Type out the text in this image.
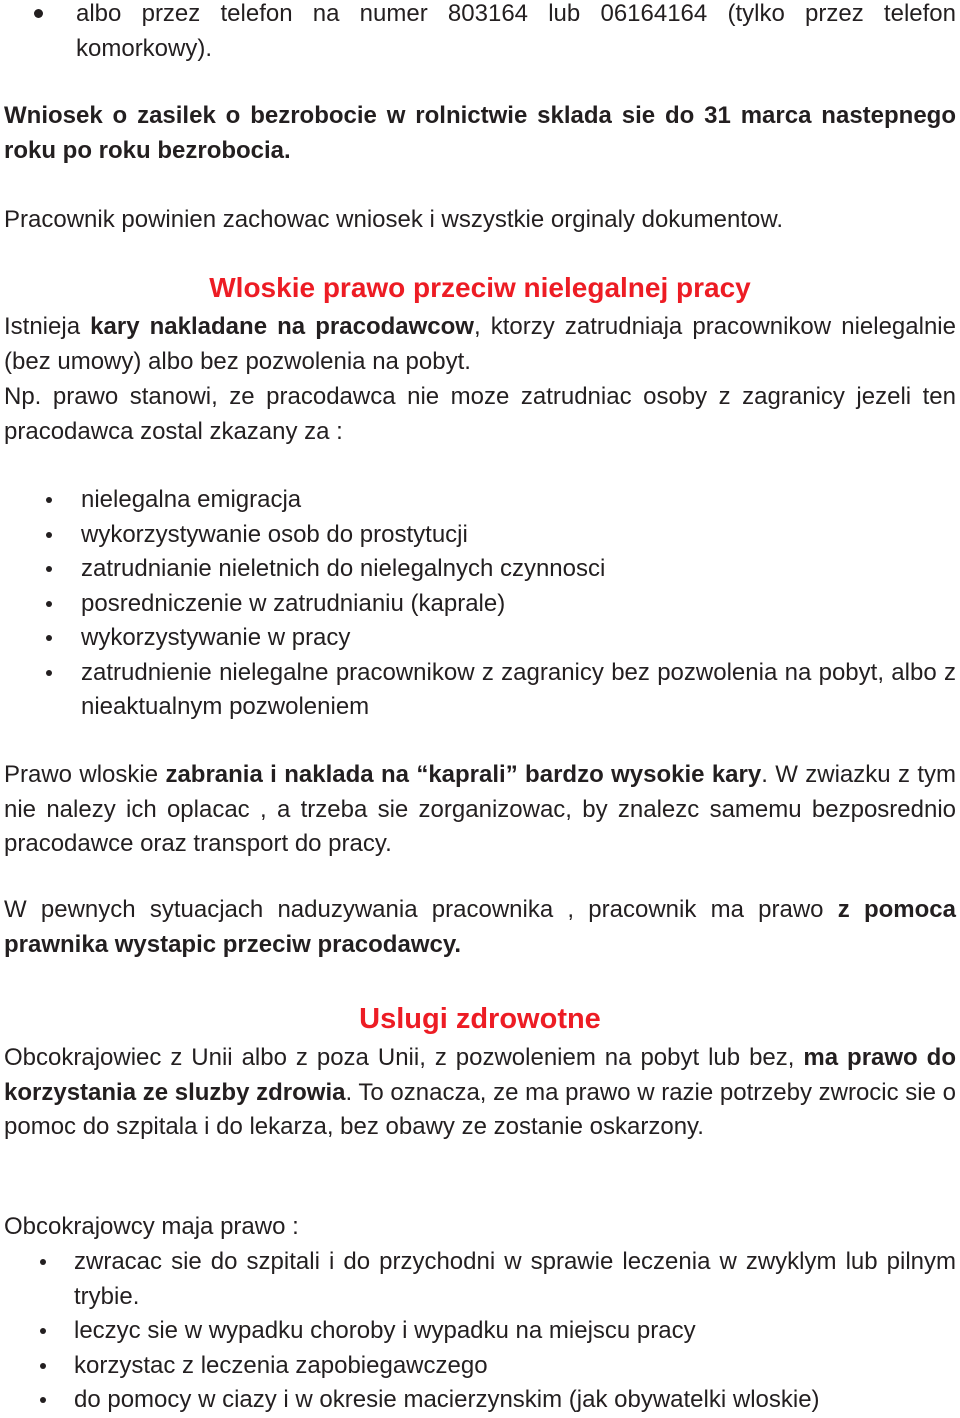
albo przez telefon na numer 803164 lub 06164164 (tylko przez telefon komorkowy).

Wniosek o zasilek o bezrobocie w rolnictwie sklada sie do 31 marca nastepnego roku po roku bezrobocia.

Pracownik powinien zachowac wniosek i wszystkie orginaly dokumentow.

Wloskie prawo przeciw nielegalnej pracy

Istnieja kary nakladane na pracodawcow, ktorzy zatrudniaja pracownikow nielegalnie (bez umowy) albo bez pozwolenia na pobyt.

Np. prawo stanowi, ze pracodawca nie moze zatrudniac osoby z zagranicy jezeli ten pracodawca zostal zkazany za :

nielegalna emigracja
wykorzystywanie osob do prostytucji
zatrudnianie nieletnich do nielegalnych czynnosci
posredniczenie w zatrudnianiu (kaprale)
wykorzystywanie w pracy
zatrudnienie nielegalne pracownikow z zagranicy bez pozwolenia na pobyt, albo z nieaktualnym pozwoleniem

Prawo wloskie zabrania i naklada na “kaprali” bardzo wysokie kary. W zwiazku z tym nie nalezy ich oplacac , a trzeba sie zorganizowac, by znalezc samemu bezposrednio pracodawce oraz transport do pracy.

W pewnych sytuacjach naduzywania pracownika , pracownik ma prawo z pomoca prawnika wystapic przeciw pracodawcy.

Uslugi zdrowotne

Obcokrajowiec z Unii albo z poza Unii, z pozwoleniem na pobyt lub bez, ma prawo do korzystania ze sluzby zdrowia. To oznacza, ze ma prawo w razie potrzeby zwrocic sie o pomoc do szpitala i do lekarza, bez obawy ze zostanie oskarzony.

Obcokrajowcy maja prawo :

zwracac sie do szpitali i do przychodni w sprawie leczenia w zwyklym lub pilnym trybie.
leczyc sie w wypadku choroby i wypadku na miejscu pracy
korzystac z leczenia zapobiegawczego
do pomocy w ciazy i w okresie macierzynskim (jak obywatelki wloskie)
